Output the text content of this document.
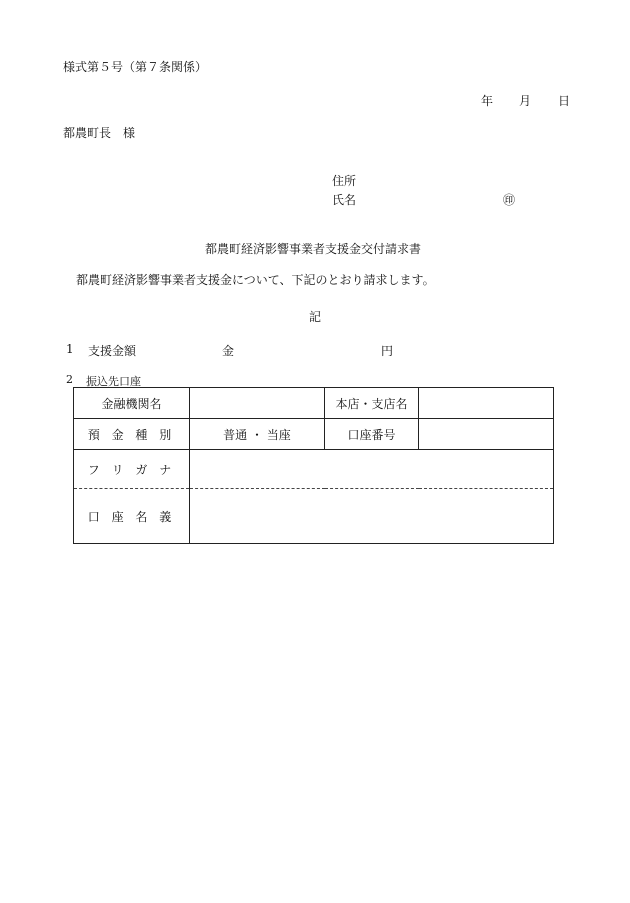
様式第５号（第７条関係）
年 月 日
都農町長　様
住所
氏名	㊞
都農町経済影響事業者支援金交付請求書
都農町経済影響事業者支援金について、下記のとおり請求します。
記
1 支援金額	金	円
2 振込先口座
金融機関名		本店・支店名	
預 金 種 別	普通 ・ 当座	口座番号	
フ リ ガ ナ			
口 座 名 義			
